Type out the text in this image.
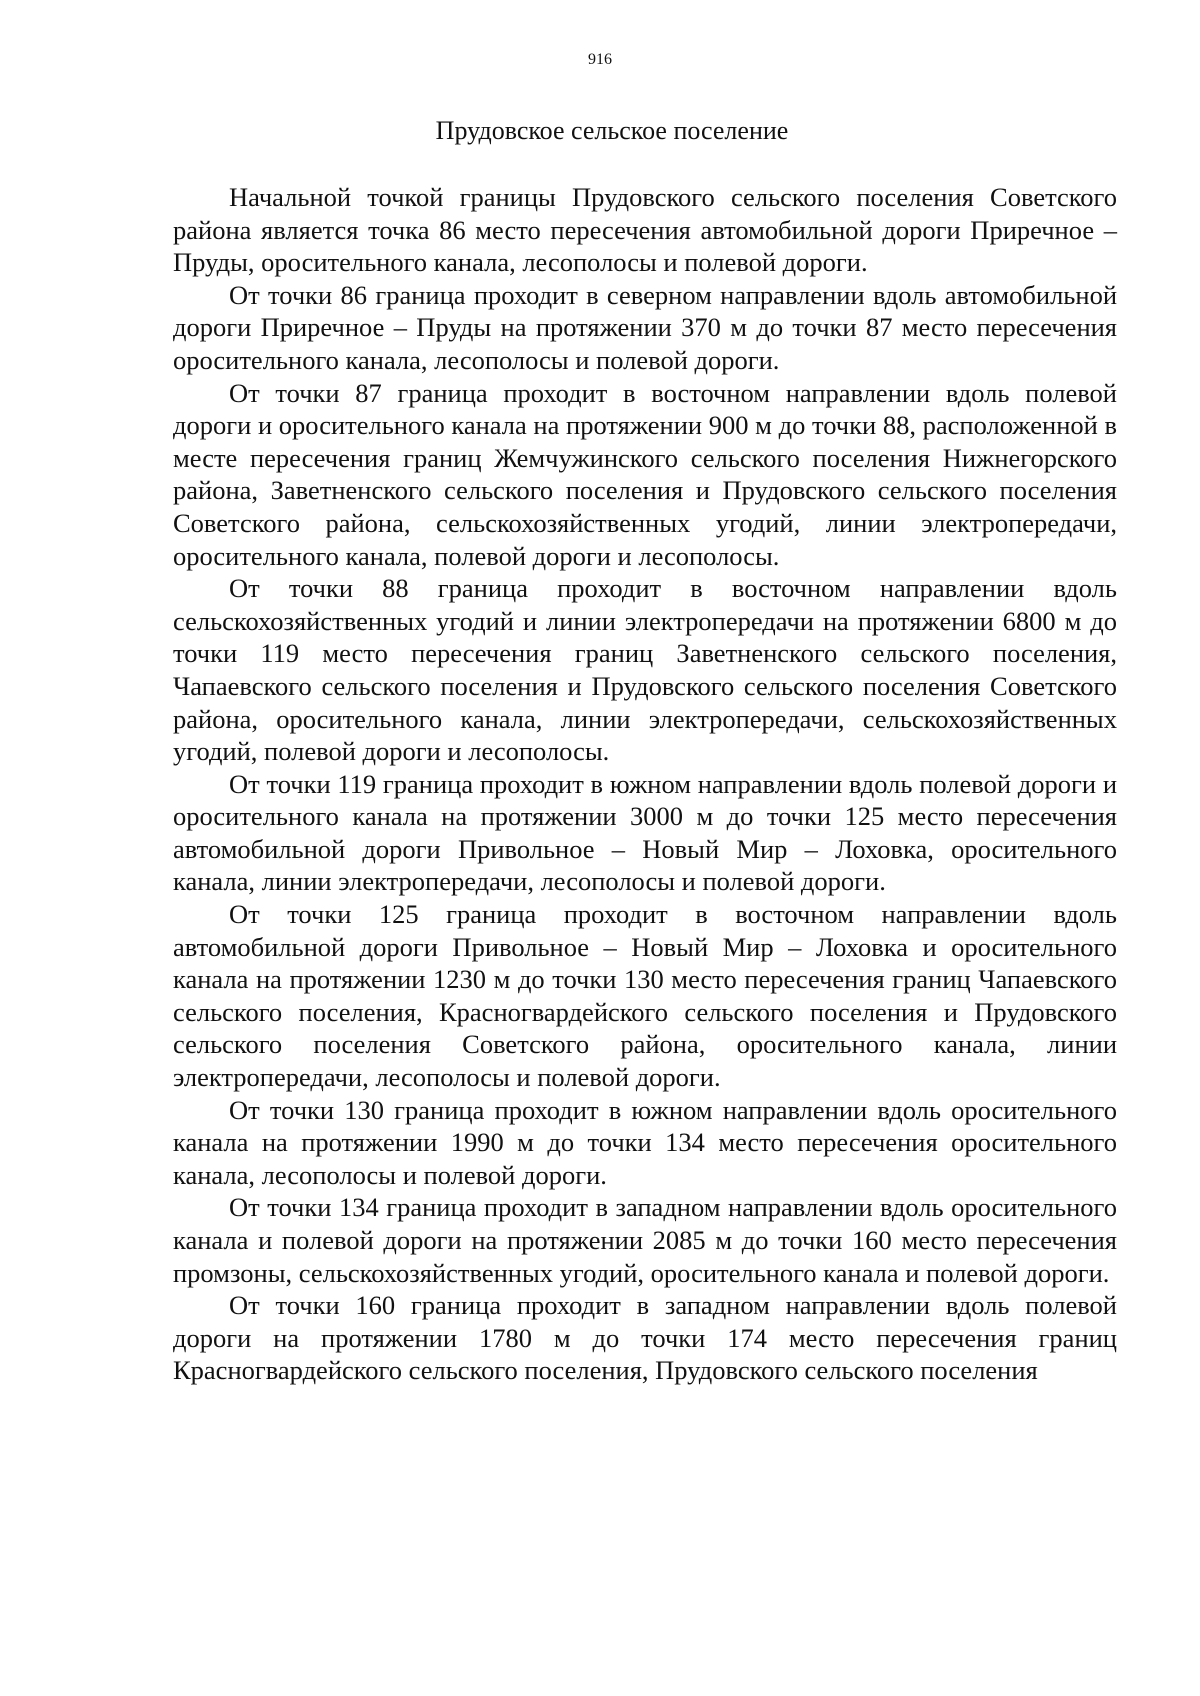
916
Прудовское сельское поселение

Начальной точкой границы Прудовского сельского поселения Советского района является точка 86 место пересечения автомобильной дороги Приречное – Пруды, оросительного канала, лесополосы и полевой дороги.

От точки 86 граница проходит в северном направлении вдоль автомобильной дороги Приречное – Пруды на протяжении 370 м до точки 87 место пересечения оросительного канала, лесополосы и полевой дороги.

От точки 87 граница проходит в восточном направлении вдоль полевой дороги и оросительного канала на протяжении 900 м до точки 88, расположенной в месте пересечения границ Жемчужинского сельского поселения Нижнегорского района, Заветненского сельского поселения и Прудовского сельского поселения Советского района, сельскохозяйственных угодий, линии электропередачи, оросительного канала, полевой дороги и лесополосы.

От точки 88 граница проходит в восточном направлении вдоль сельскохозяйственных угодий и линии электропередачи на протяжении 6800 м до точки 119 место пересечения границ Заветненского сельского поселения, Чапаевского сельского поселения и Прудовского сельского поселения Советского района, оросительного канала, линии электропередачи, сельскохозяйственных угодий, полевой дороги и лесополосы.

От точки 119 граница проходит в южном направлении вдоль полевой дороги и оросительного канала на протяжении 3000 м до точки 125 место пересечения автомобильной дороги Привольное – Новый Мир – Лоховка, оросительного канала, линии электропередачи, лесополосы и полевой дороги.

От точки 125 граница проходит в восточном направлении вдоль автомобильной дороги Привольное – Новый Мир – Лоховка и оросительного канала на протяжении 1230 м до точки 130 место пересечения границ Чапаевского сельского поселения, Красногвардейского сельского поселения и Прудовского сельского поселения Советского района, оросительного канала, линии электропередачи, лесополосы и полевой дороги.

От точки 130 граница проходит в южном направлении вдоль оросительного канала на протяжении 1990 м до точки 134 место пересечения оросительного канала, лесополосы и полевой дороги.

От точки 134 граница проходит в западном направлении вдоль оросительного канала и полевой дороги на протяжении 2085 м до точки 160 место пересечения промзоны, сельскохозяйственных угодий, оросительного канала и полевой дороги.

От точки 160 граница проходит в западном направлении вдоль полевой дороги на протяжении 1780 м до точки 174 место пересечения границ Красногвардейского сельского поселения, Прудовского сельского поселения
